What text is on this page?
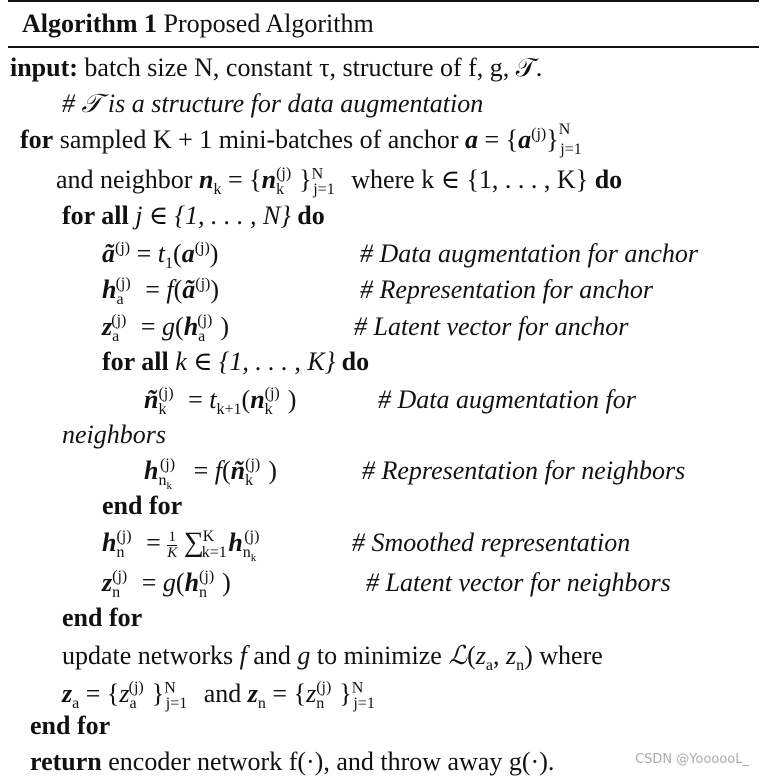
Algorithm 1 Proposed Algorithm
input: batch size N, constant τ, structure of f, g, 𝒯.
# 𝒯 is a structure for data augmentation
for sampled K + 1 mini-batches of anchor $a = \{a^{(j)}\}^N_{j=1}$
and neighbor $n_k = \{n_k^{(j)}$ }$^N_{j=1}$ where k ∈ {1, . . . , K} do
for all j ∈ {1, . . . , N} do
$ã^{(j)} = t_1(a^{(j)})$	# Data augmentation for anchor
$h_a^{(j)}$ = $f(ã^{(j)})$	# Representation for anchor
$z_a^{(j)} = g(h_a^{(j)}$ )	# Latent vector for anchor
for all k ∈ {1, . . . , K} do
$ñ_k^{(j)} = t_{k+1}(n_k^{(j)}$ )	# Data augmentation for
neighbors
$h_{n_k}^{(j)}$ = $f(ñ_k^{(j)}$ )	# Representation for neighbors
end for
$h_n^{(j)} = \frac{1}{K} \sum_{k=1}^K$ $h_{n_k}^{(j)}$	# Smoothed representation
$z_n^{(j)} = g(h_n^{(j)}$ )	# Latent vector for neighbors
end for
update networks f and g to minimize $ℒ(z_a$, $z_n$) where
$z_a = \{z_a^{(j)}$ }$^N_{j=1}$ and $z_n = \{z_n^{(j)}$ }$^N_{j=1}$
end for
return encoder network f(·), and throw away g(·).	CSDN @YoooooL_
